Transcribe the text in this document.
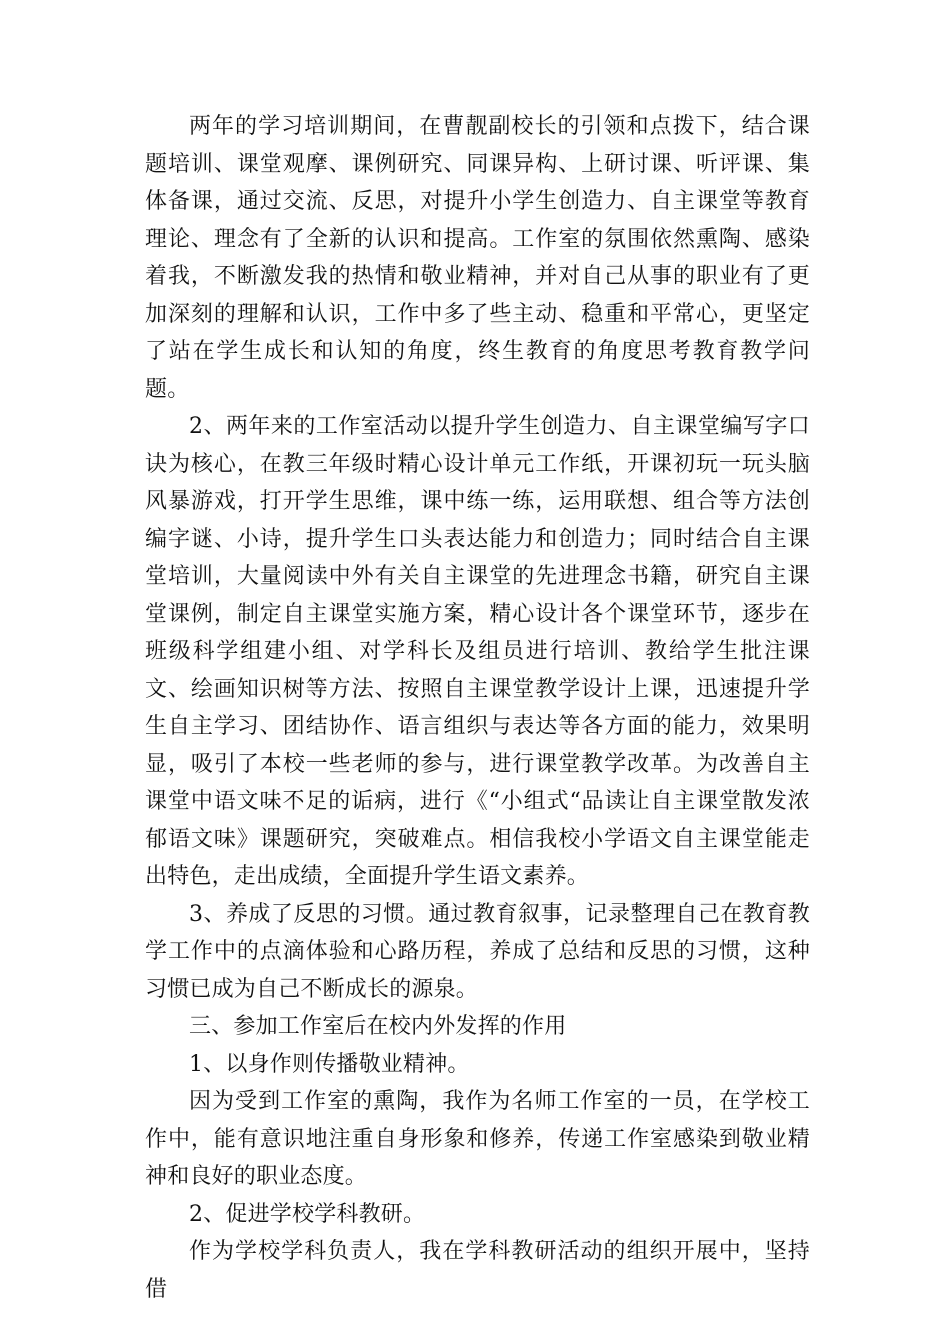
两年的学习培训期间，在曹靓副校长的引领和点拨下，结合课题培训、课堂观摩、课例研究、同课异构、上研讨课、听评课、集体备课，通过交流、反思，对提升小学生创造力、自主课堂等教育理论、理念有了全新的认识和提高。工作室的氛围依然熏陶、感染着我，不断激发我的热情和敬业精神，并对自己从事的职业有了更加深刻的理解和认识，工作中多了些主动、稳重和平常心，更坚定了站在学生成长和认知的角度，终生教育的角度思考教育教学问题。

2、两年来的工作室活动以提升学生创造力、自主课堂编写字口诀为核心，在教三年级时精心设计单元工作纸，开课初玩一玩头脑风暴游戏，打开学生思维，课中练一练，运用联想、组合等方法创编字谜、小诗，提升学生口头表达能力和创造力；同时结合自主课堂培训，大量阅读中外有关自主课堂的先进理念书籍，研究自主课堂课例，制定自主课堂实施方案，精心设计各个课堂环节，逐步在班级科学组建小组、对学科长及组员进行培训、教给学生批注课文、绘画知识树等方法、按照自主课堂教学设计上课，迅速提升学生自主学习、团结协作、语言组织与表达等各方面的能力，效果明显，吸引了本校一些老师的参与，进行课堂教学改革。为改善自主课堂中语文味不足的诟病，进行《“小组式“品读让自主课堂散发浓郁语文味》课题研究，突破难点。相信我校小学语文自主课堂能走出特色，走出成绩，全面提升学生语文素养。

3、养成了反思的习惯。通过教育叙事，记录整理自己在教育教学工作中的点滴体验和心路历程，养成了总结和反思的习惯，这种习惯已成为自己不断成长的源泉。

三、参加工作室后在校内外发挥的作用

1、以身作则传播敬业精神。

因为受到工作室的熏陶，我作为名师工作室的一员，在学校工作中，能有意识地注重自身形象和修养，传递工作室感染到敬业精神和良好的职业态度。

2、促进学校学科教研。

作为学校学科负责人，我在学科教研活动的组织开展中，坚持借
